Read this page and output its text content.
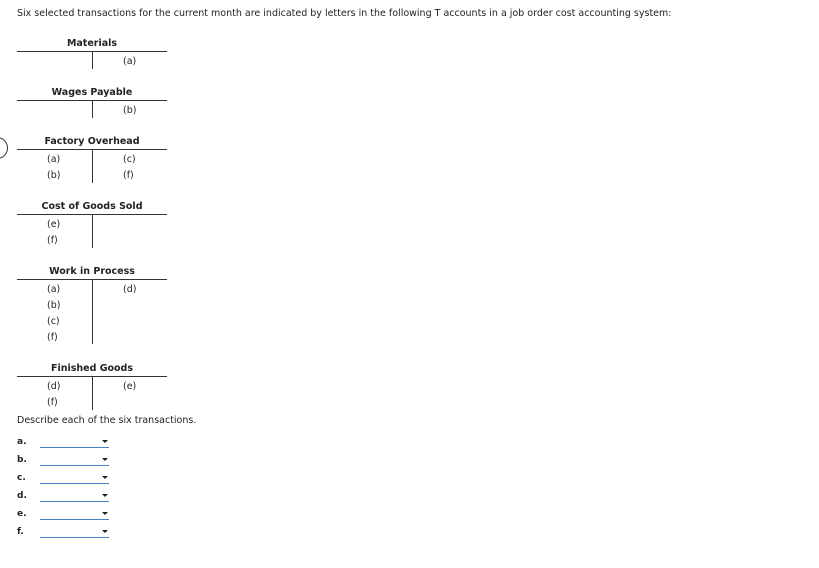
Six selected transactions for the current month are indicated by letters in the following T accounts in a job order cost accounting system:
Materials
(a)
Wages Payable
(b)
Factory Overhead
(a)
(b)
(c)
(f)
Cost of Goods Sold
(e)
(f)
Work in Process
(a)
(b)
(c)
(f)
(d)
Finished Goods
(d)
(f)
(e)
Describe each of the six transactions.
a.
b.
c.
d.
e.
f.
